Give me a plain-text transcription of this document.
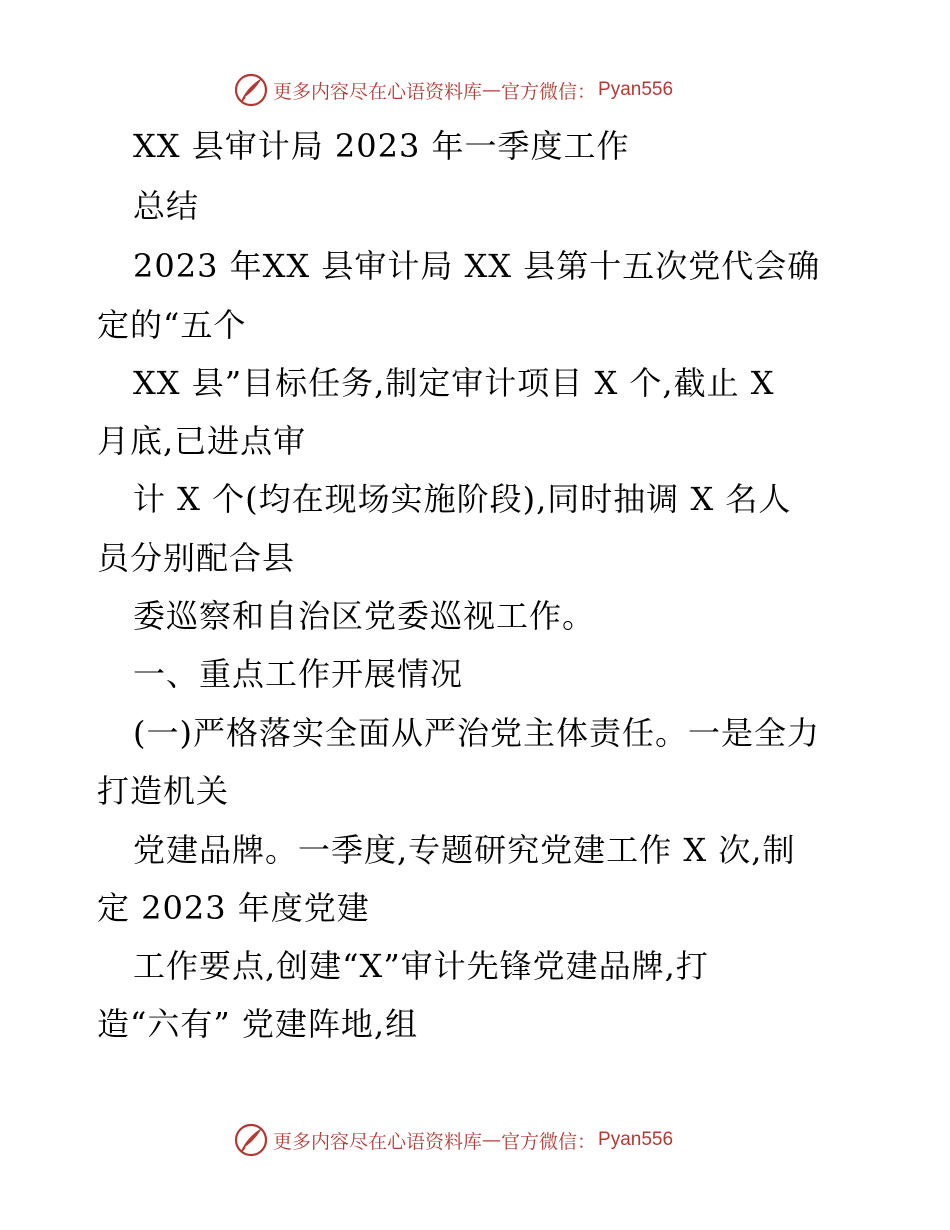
更多内容尽在心语资料库 — 官方微信： Pyan556
XX 县审计局 2023 年一季度工作
总结
2023 年XX 县审计局 XX 县第十五次党代会确
定的“五个
XX 县”目标任务,制定审计项目 X 个,截止 X
月底,已进点审
计 X 个(均在现场实施阶段),同时抽调 X 名人
员分别配合县
委巡察和自治区党委巡视工作。
一、重点工作开展情况
(一)严格落实全面从严治党主体责任。一是全力
打造机关
党建品牌。一季度,专题研究党建工作 X 次,制
定 2023 年度党建
工作要点,创建“X”审计先锋党建品牌,打
造“六有” 党建阵地,组
更多内容尽在心语资料库 — 官方微信： Pyan556
